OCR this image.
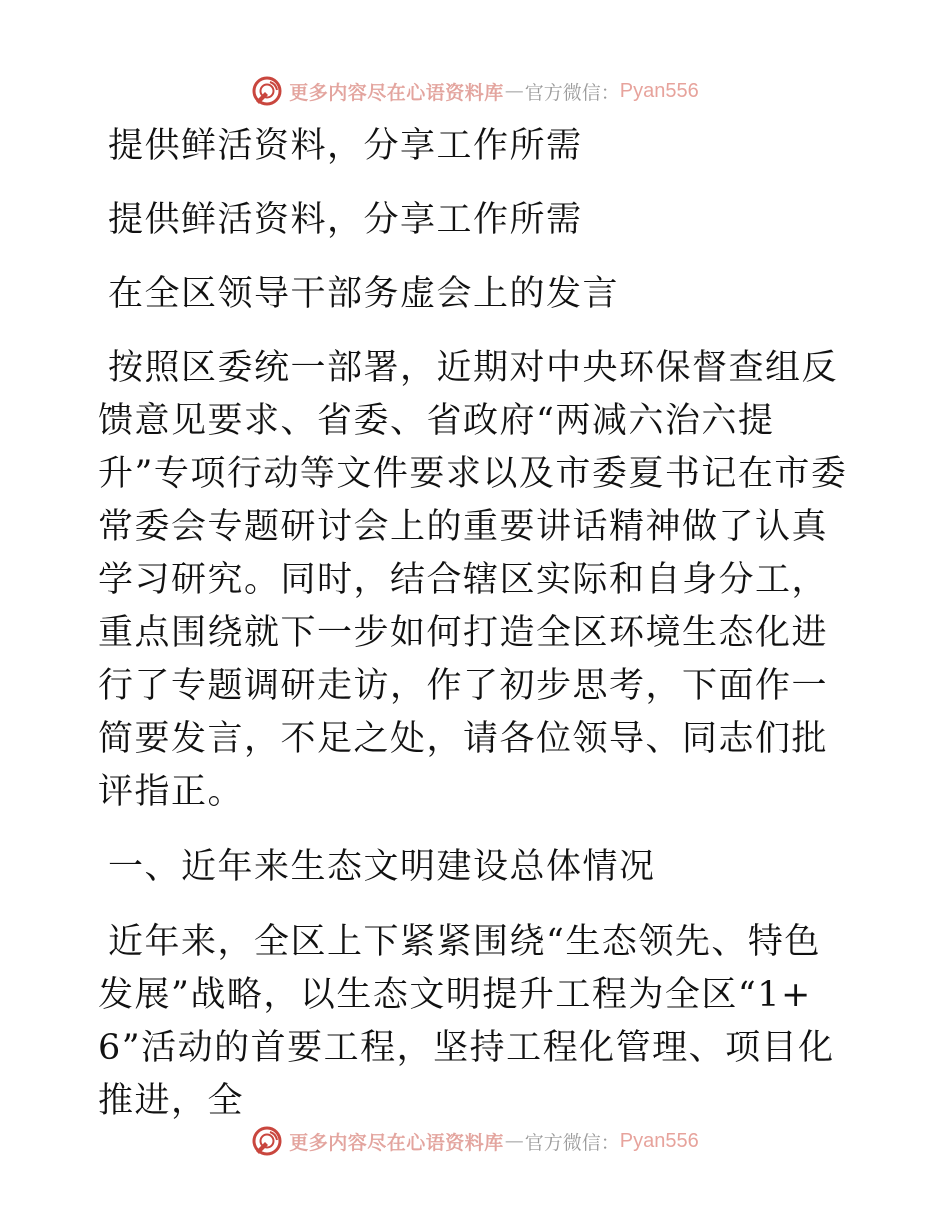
更多内容尽在心语资料库 — 官方微信 ： Pyan556

提供鲜活资料，分享工作所需

提供鲜活资料，分享工作所需

在全区领导干部务虚会上的发言

按照区委统一部署，近期对中央环保督查组反馈意见要求、省委、省政府“两减六治六提升”专项行动等文件要求以及市委夏书记在市委常委会专题研讨会上的重要讲话精神做了认真学习研究。同时，结合辖区实际和自身分工，重点围绕就下一步如何打造全区环境生态化进行了专题调研走访，作了初步思考，下面作一简要发言，不足之处，请各位领导、同志们批评指正。

一、近年来生态文明建设总体情况

近年来，全区上下紧紧围绕“生态领先、特色发展”战略，以生态文明提升工程为全区“1+6”活动的首要工程，坚持工程化管理、项目化推进，全

更多内容尽在心语资料库 — 官方微信 ： Pyan556
